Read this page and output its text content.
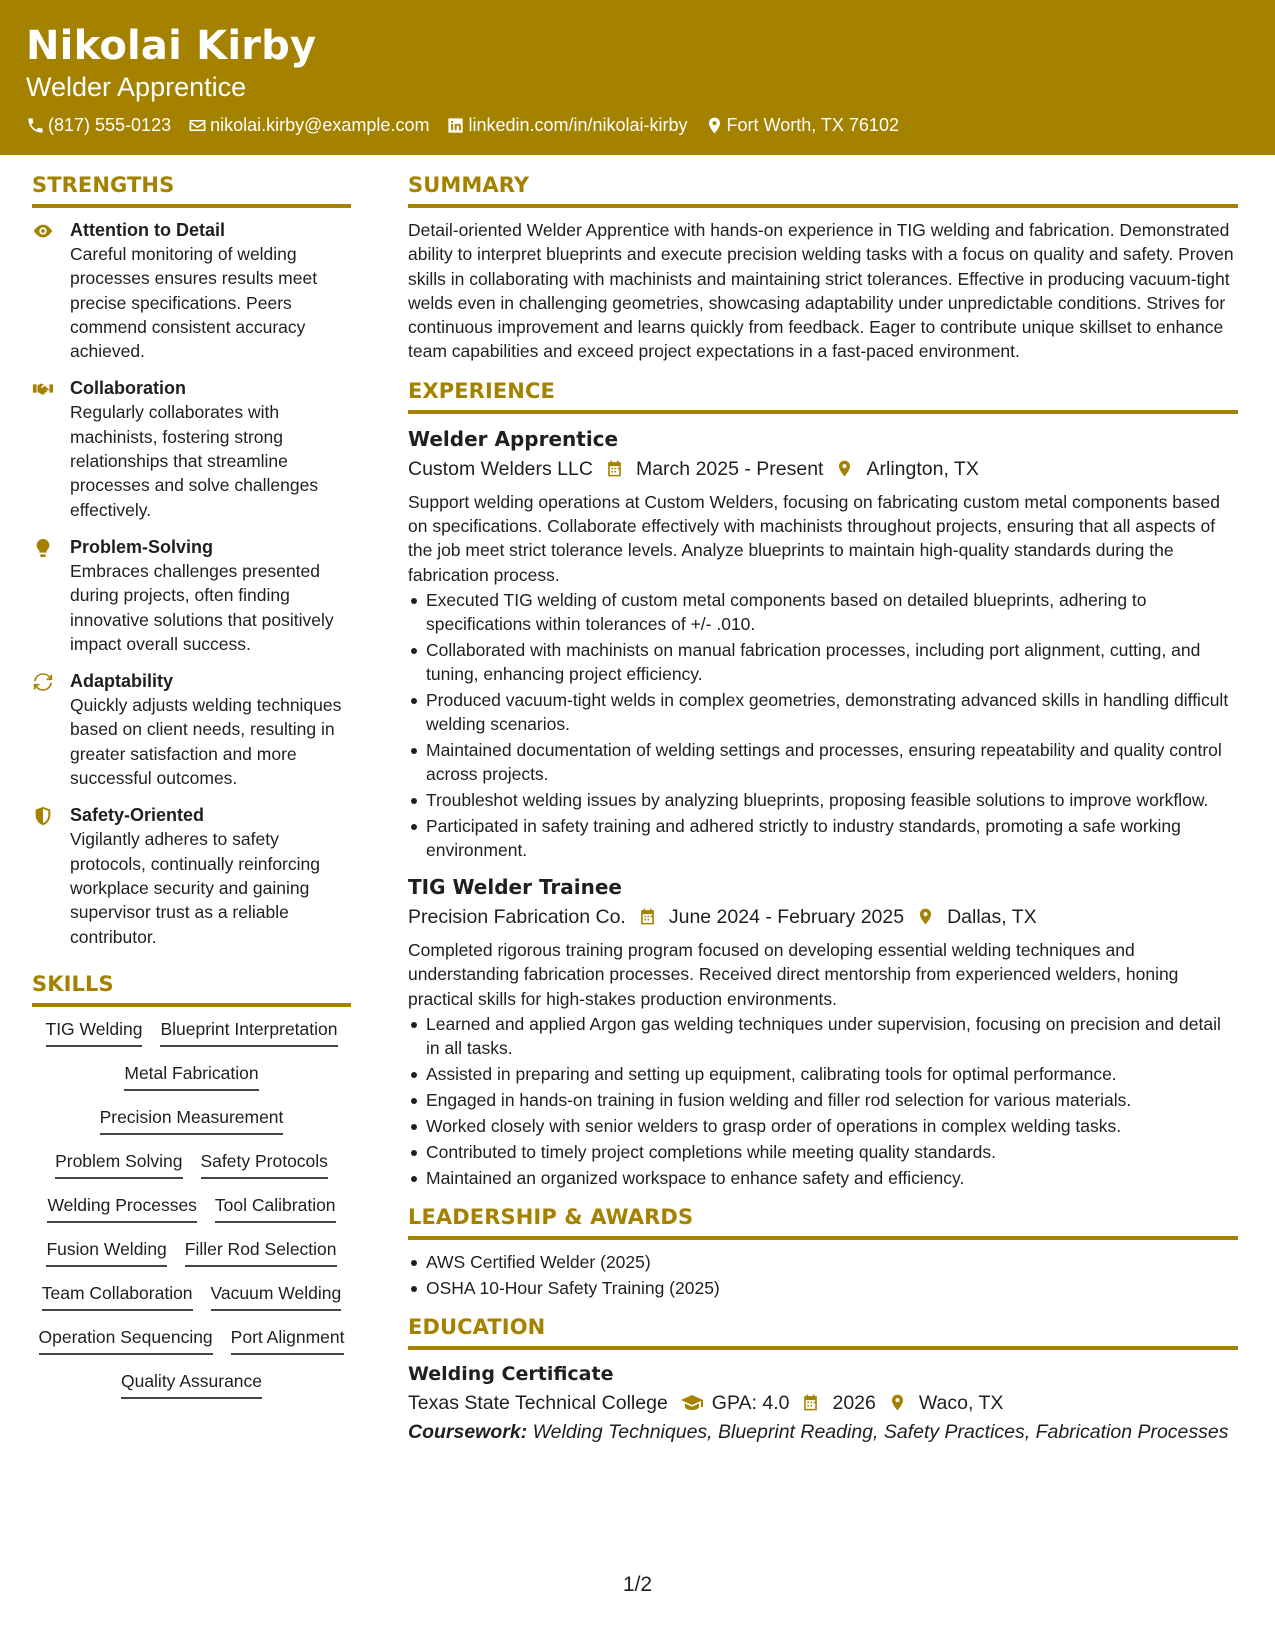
Nikolai Kirby
Welder Apprentice
(817) 555-0123 nikolai.kirby@example.com linkedin.com/in/nikolai-kirby Fort Worth, TX 76102
STRENGTHS
Attention to Detail
Careful monitoring of welding processes ensures results meet precise specifications. Peers commend consistent accuracy achieved.
Collaboration
Regularly collaborates with machinists, fostering strong relationships that streamline processes and solve challenges effectively.
Problem-Solving
Embraces challenges presented during projects, often finding innovative solutions that positively impact overall success.
Adaptability
Quickly adjusts welding techniques based on client needs, resulting in greater satisfaction and more successful outcomes.
Safety-Oriented
Vigilantly adheres to safety protocols, continually reinforcing workplace security and gaining supervisor trust as a reliable contributor.
SKILLS
TIG Welding Blueprint Interpretation
Metal Fabrication
Precision Measurement
Problem Solving Safety Protocols
Welding Processes Tool Calibration
Fusion Welding Filler Rod Selection
Team Collaboration Vacuum Welding
Operation Sequencing Port Alignment
Quality Assurance
SUMMARY

Detail-oriented Welder Apprentice with hands-on experience in TIG welding and fabrication. Demonstrated ability to interpret blueprints and execute precision welding tasks with a focus on quality and safety. Proven skills in collaborating with machinists and maintaining strict tolerances. Effective in producing vacuum-tight welds even in challenging geometries, showcasing adaptability under unpredictable conditions. Strives for continuous improvement and learns quickly from feedback. Eager to contribute unique skillset to enhance team capabilities and exceed project expectations in a fast-paced environment.

EXPERIENCE
Welder Apprentice
Custom Welders LLC March 2025 - Present Arlington, TX

Support welding operations at Custom Welders, focusing on fabricating custom metal components based on specifications. Collaborate effectively with machinists throughout projects, ensuring that all aspects of the job meet strict tolerance levels. Analyze blueprints to maintain high-quality standards during the fabrication process.

Executed TIG welding of custom metal components based on detailed blueprints, adhering to specifications within tolerances of +/- .010.
Collaborated with machinists on manual fabrication processes, including port alignment, cutting, and tuning, enhancing project efficiency.
Produced vacuum-tight welds in complex geometries, demonstrating advanced skills in handling difficult welding scenarios.
Maintained documentation of welding settings and processes, ensuring repeatability and quality control across projects.
Troubleshot welding issues by analyzing blueprints, proposing feasible solutions to improve workflow.
Participated in safety training and adhered strictly to industry standards, promoting a safe working environment.
TIG Welder Trainee
Precision Fabrication Co. June 2024 - February 2025 Dallas, TX

Completed rigorous training program focused on developing essential welding techniques and understanding fabrication processes. Received direct mentorship from experienced welders, honing practical skills for high-stakes production environments.

Learned and applied Argon gas welding techniques under supervision, focusing on precision and detail in all tasks.
Assisted in preparing and setting up equipment, calibrating tools for optimal performance.
Engaged in hands-on training in fusion welding and filler rod selection for various materials.
Worked closely with senior welders to grasp order of operations in complex welding tasks.
Contributed to timely project completions while meeting quality standards.
Maintained an organized workspace to enhance safety and efficiency.
LEADERSHIP & AWARDS
AWS Certified Welder (2025)
OSHA 10-Hour Safety Training (2025)
EDUCATION
Welding Certificate
Texas State Technical College GPA: 4.0 2026 Waco, TX
Coursework: Welding Techniques, Blueprint Reading, Safety Practices, Fabrication Processes
1/2
